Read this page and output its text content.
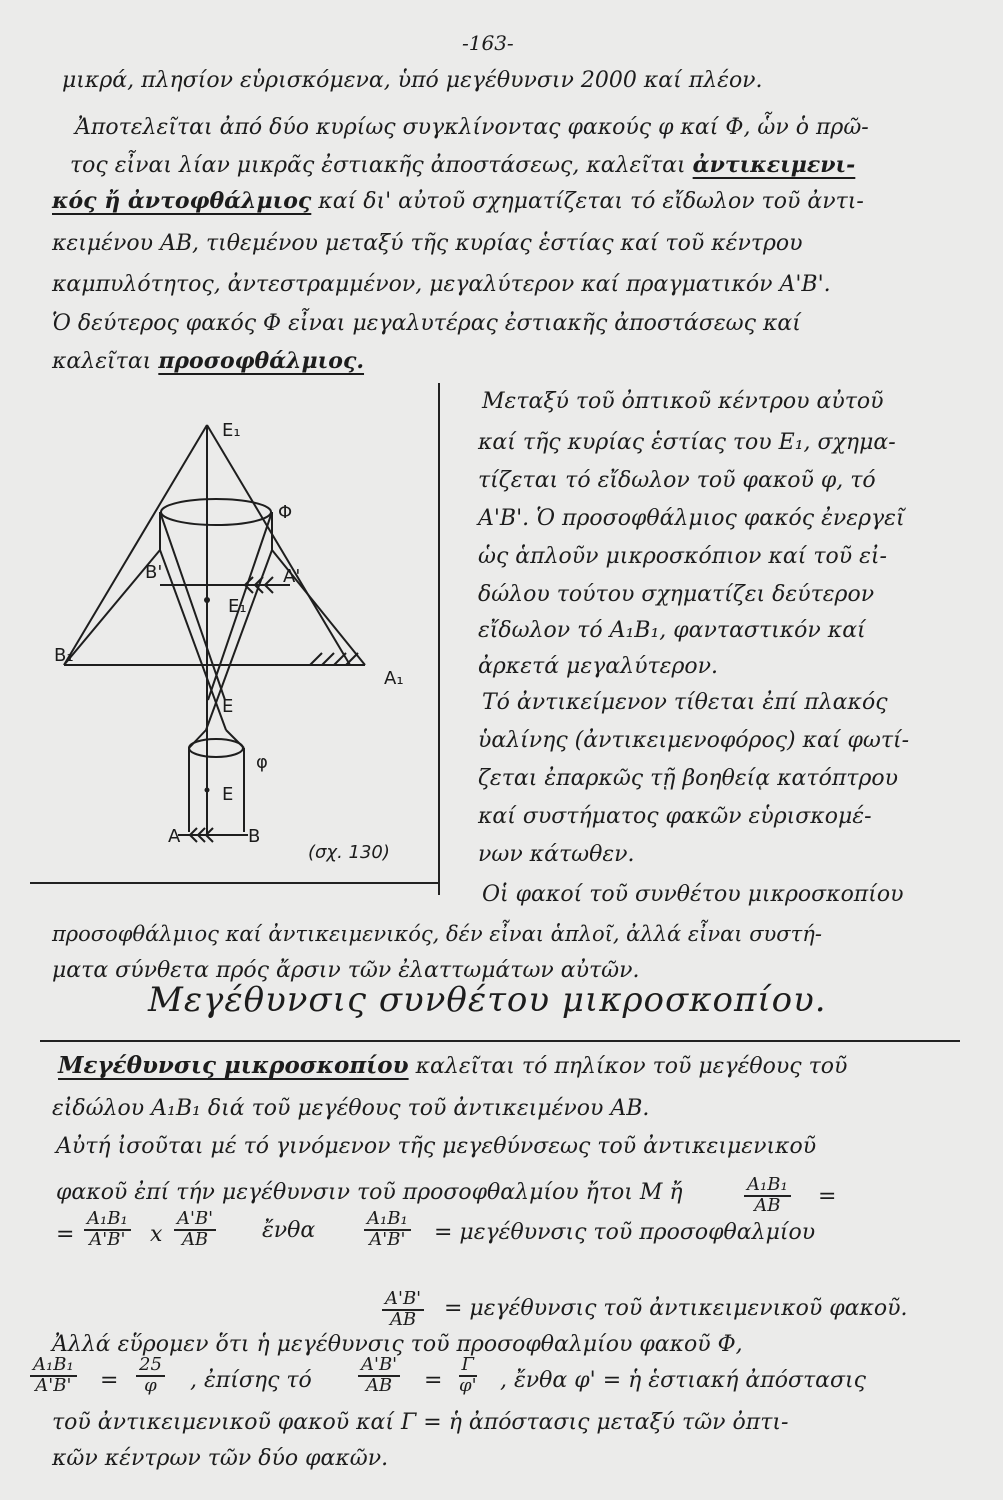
-163-
μικρά, πλησίον εὑρισκόμενα, ὑπό μεγέθυνσιν 2000 καί πλέον.
Ἀποτελεῖται ἀπό δύο κυρίως συγκλίνοντας φακούς φ καί Φ, ὧν ὁ πρῶ-
τος εἶναι λίαν μικρᾶς ἐστιακῆς ἀποστάσεως, καλεῖται ἀντικειμενι-
κός ἤ ἀντοφθάλμιος καί δι' αὐτοῦ σχηματίζεται τό εἴδωλον τοῦ ἀντι-
κειμένου ΑΒ, τιθεμένου μεταξύ τῆς κυρίας ἑστίας καί τοῦ κέντρου
καμπυλότητος, ἀντεστραμμένον, μεγαλύτερον καί πραγματικόν Α'Β'.
Ὁ δεύτερος φακός Φ εἶναι μεγαλυτέρας ἐστιακῆς ἀποστάσεως καί
καλεῖται προσοφθάλμιος.
E₁
Φ
B'	A'
E₁
B₁
A₁
E
φ
E
A	B
(σχ. 130)
Μεταξύ τοῦ ὀπτικοῦ κέντρου αὐτοῦ
καί τῆς κυρίας ἑστίας του Ε₁, σχημα-
τίζεται τό εἴδωλον τοῦ φακοῦ φ, τό
Α'Β'. Ὁ προσοφθάλμιος φακός ἐνεργεῖ
ὡς ἁπλοῦν μικροσκόπιον καί τοῦ εἰ-
δώλου τούτου σχηματίζει δεύτερον
εἴδωλον τό Α₁Β₁, φανταστικόν καί
ἀρκετά μεγαλύτερον.
Τό ἀντικείμενον τίθεται ἐπί πλακός
ὑαλίνης (ἀντικειμενοφόρος) καί φωτί-
ζεται ἐπαρκῶς τῇ βοηθείᾳ κατόπτρου
καί συστήματος φακῶν εὑρισκομέ-
νων κάτωθεν.
Οἱ φακοί τοῦ συνθέτου μικροσκοπίου
προσοφθάλμιος καί ἀντικειμενικός, δέν εἶναι ἁπλοῖ, ἀλλά εἶναι συστή-
ματα σύνθετα πρός ἄρσιν τῶν ἐλαττωμάτων αὐτῶν.
Μεγέθυνσις συνθέτου μικροσκοπίου.
Μεγέθυνσις μικροσκοπίου καλεῖται τό πηλίκον τοῦ μεγέθους τοῦ
εἰδώλου Α₁Β₁ διά τοῦ μεγέθους τοῦ ἀντικειμένου ΑΒ.
Αὐτή ἰσοῦται μέ τό γινόμενον τῆς μεγεθύνσεως τοῦ ἀντικειμενικοῦ
φακοῦ ἐπί τήν μεγέθυνσιν τοῦ προσοφθαλμίου ἤτοι Μ ἤ	$\frac{\text{Α₁Β₁}}{AB}$ =
= $\frac{\text{Α₁Β₁}}{A'B'}$ x $\frac{A'B'}{AB}$ ἔνθα	$\frac{\text{Α₁Β₁}}{A'B'} = \mu\varepsilon\gamma έ\theta\upsilon\nu\sigma\iota\varsigma$ τοῦ προσοφθαλμίου
$\frac{A'B'}{AB} = \mu\varepsilon\gamma έ\theta\upsilon\nu\sigma\iota\varsigma$ τοῦ ἀντικειμενικοῦ φακοῦ.
Ἀλλά εὕρομεν ὅτι ἡ μεγέθυνσις τοῦ προσοφθαλμίου φακοῦ Φ,
$\frac{\text{Α₁Β₁}}{A'B'} = \frac{25}{\varphi}$ , ἐπίσης τό	$\frac{A'B'}{AB} = \frac{\Gamma}{\varphi'}$ , ἔνθα φ' = ἡ ἑστιακή ἀπόστασις
τοῦ ἀντικειμενικοῦ φακοῦ καί Γ = ἡ ἀπόστασις μεταξύ τῶν ὀπτι-
κῶν κέντρων τῶν δύο φακῶν.
